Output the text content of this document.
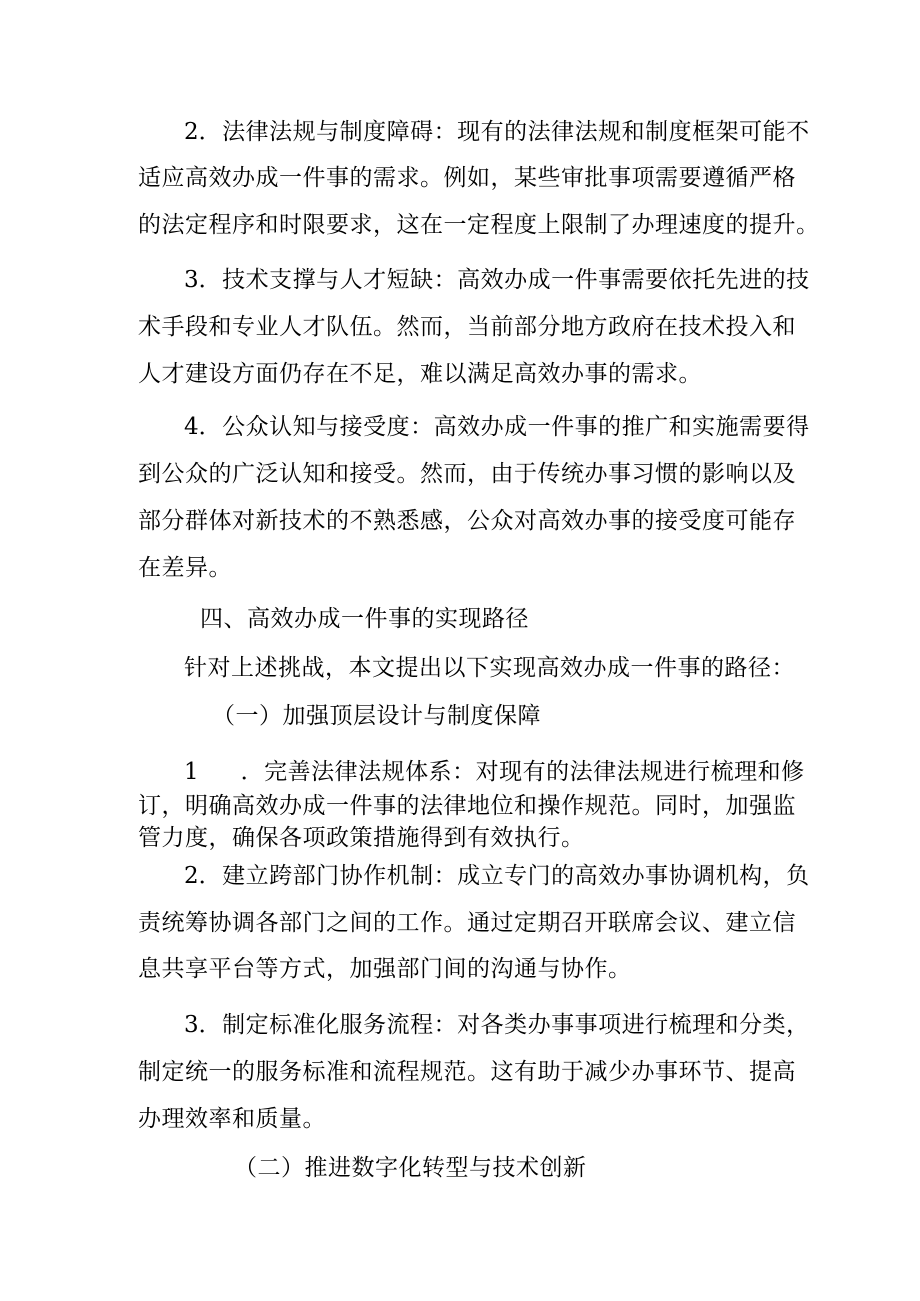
2．法律法规与制度障碍：现有的法律法规和制度框架可能不
适应高效办成一件事的需求。例如，某些审批事项需要遵循严格
的法定程序和时限要求，这在一定程度上限制了办理速度的提升。
3．技术支撑与人才短缺：高效办成一件事需要依托先进的技
术手段和专业人才队伍。然而，当前部分地方政府在技术投入和
人才建设方面仍存在不足，难以满足高效办事的需求。
4．公众认知与接受度：高效办成一件事的推广和实施需要得
到公众的广泛认知和接受。然而，由于传统办事习惯的影响以及
部分群体对新技术的不熟悉感，公众对高效办事的接受度可能存
在差异。
四、高效办成一件事的实现路径
针对上述挑战，本文提出以下实现高效办成一件事的路径：
（一）加强顶层设计与制度保障
1 ．完善法律法规体系：对现有的法律法规进行梳理和修
订，明确高效办成一件事的法律地位和操作规范。同时，加强监
管力度，确保各项政策措施得到有效执行。
2．建立跨部门协作机制：成立专门的高效办事协调机构，负
责统筹协调各部门之间的工作。通过定期召开联席会议、建立信
息共享平台等方式，加强部门间的沟通与协作。
3．制定标准化服务流程：对各类办事事项进行梳理和分类，
制定统一的服务标准和流程规范。这有助于减少办事环节、提高
办理效率和质量。
（二）推进数字化转型与技术创新
